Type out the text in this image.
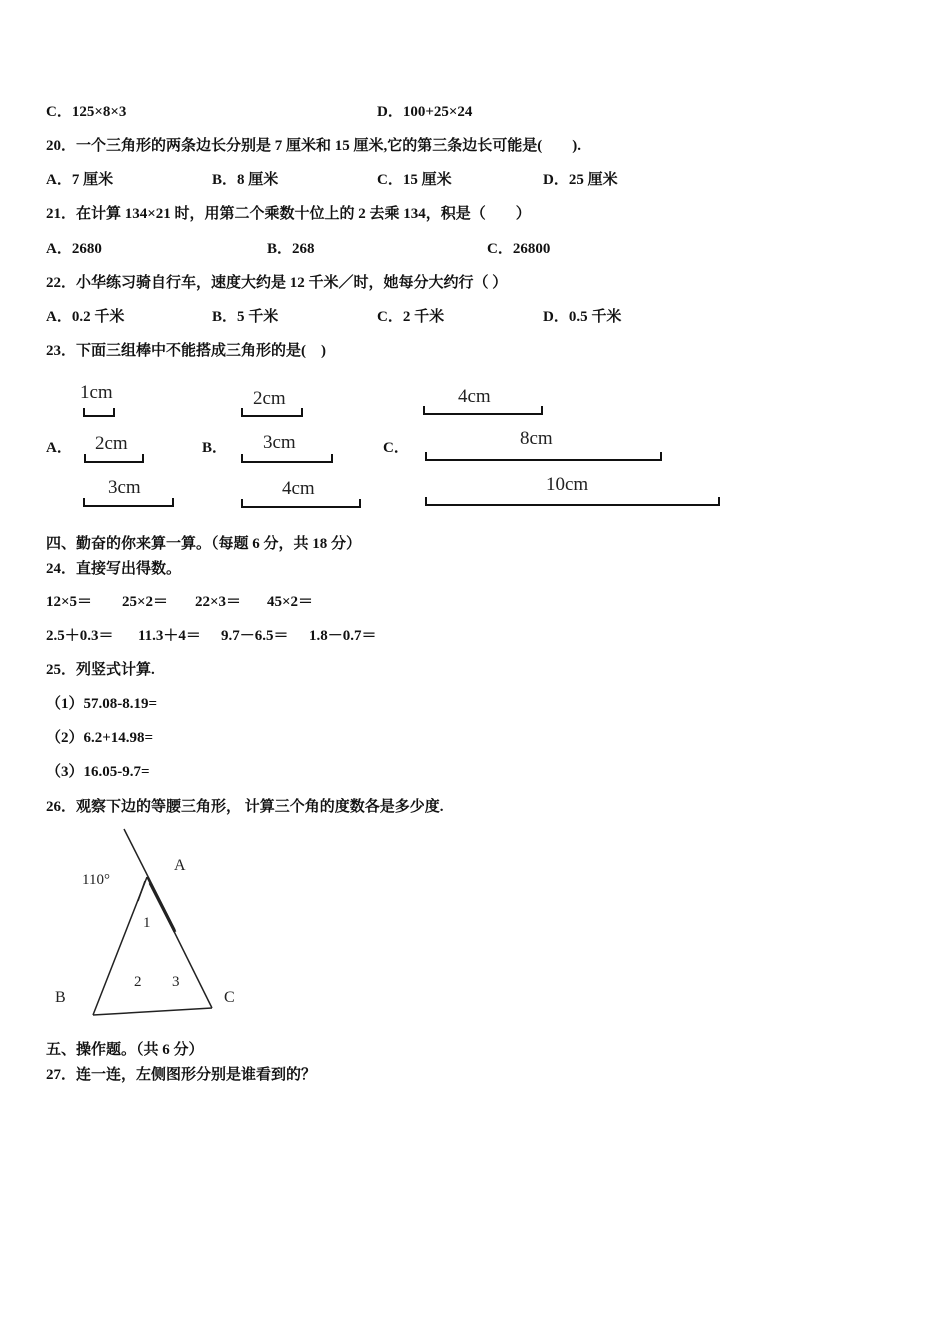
C．125×8×3	D．100+25×24
20．一个三角形的两条边长分别是 7 厘米和 15 厘米,它的第三条边长可能是(　　).
A．7 厘米	B．8 厘米	C．15 厘米	D．25 厘米
21．在计算 134×21 时，用第二个乘数十位上的 2 去乘 134，积是（　　）
A．2680	B．268	C．26800
22．小华练习骑自行车，速度大约是 12 千米／时，她每分大约行（ ）
A．0.2 千米	B．5 千米	C．2 千米	D．0.5 千米
23．下面三组棒中不能搭成三角形的是(　)
A．	B．	C．
1cm
2cm
3cm
2cm
3cm
4cm
4cm
8cm
10cm
110°
A
B	C
1
2 3
四、勤奋的你来算一算。（每题 6 分，共 18 分）
24．直接写出得数。
12×5＝ 25×2＝ 22×3＝ 45×2＝
2.5＋0.3＝ 11.3＋4＝ 9.7－6.5＝ 1.8－0.7＝
25．列竖式计算.
（1）57.08-8.19=
（2）6.2+14.98=
（3）16.05-9.7=
26．观察下边的等腰三角形， 计算三个角的度数各是多少度.
五、操作题。（共 6 分）
27．连一连，左侧图形分别是谁看到的？
